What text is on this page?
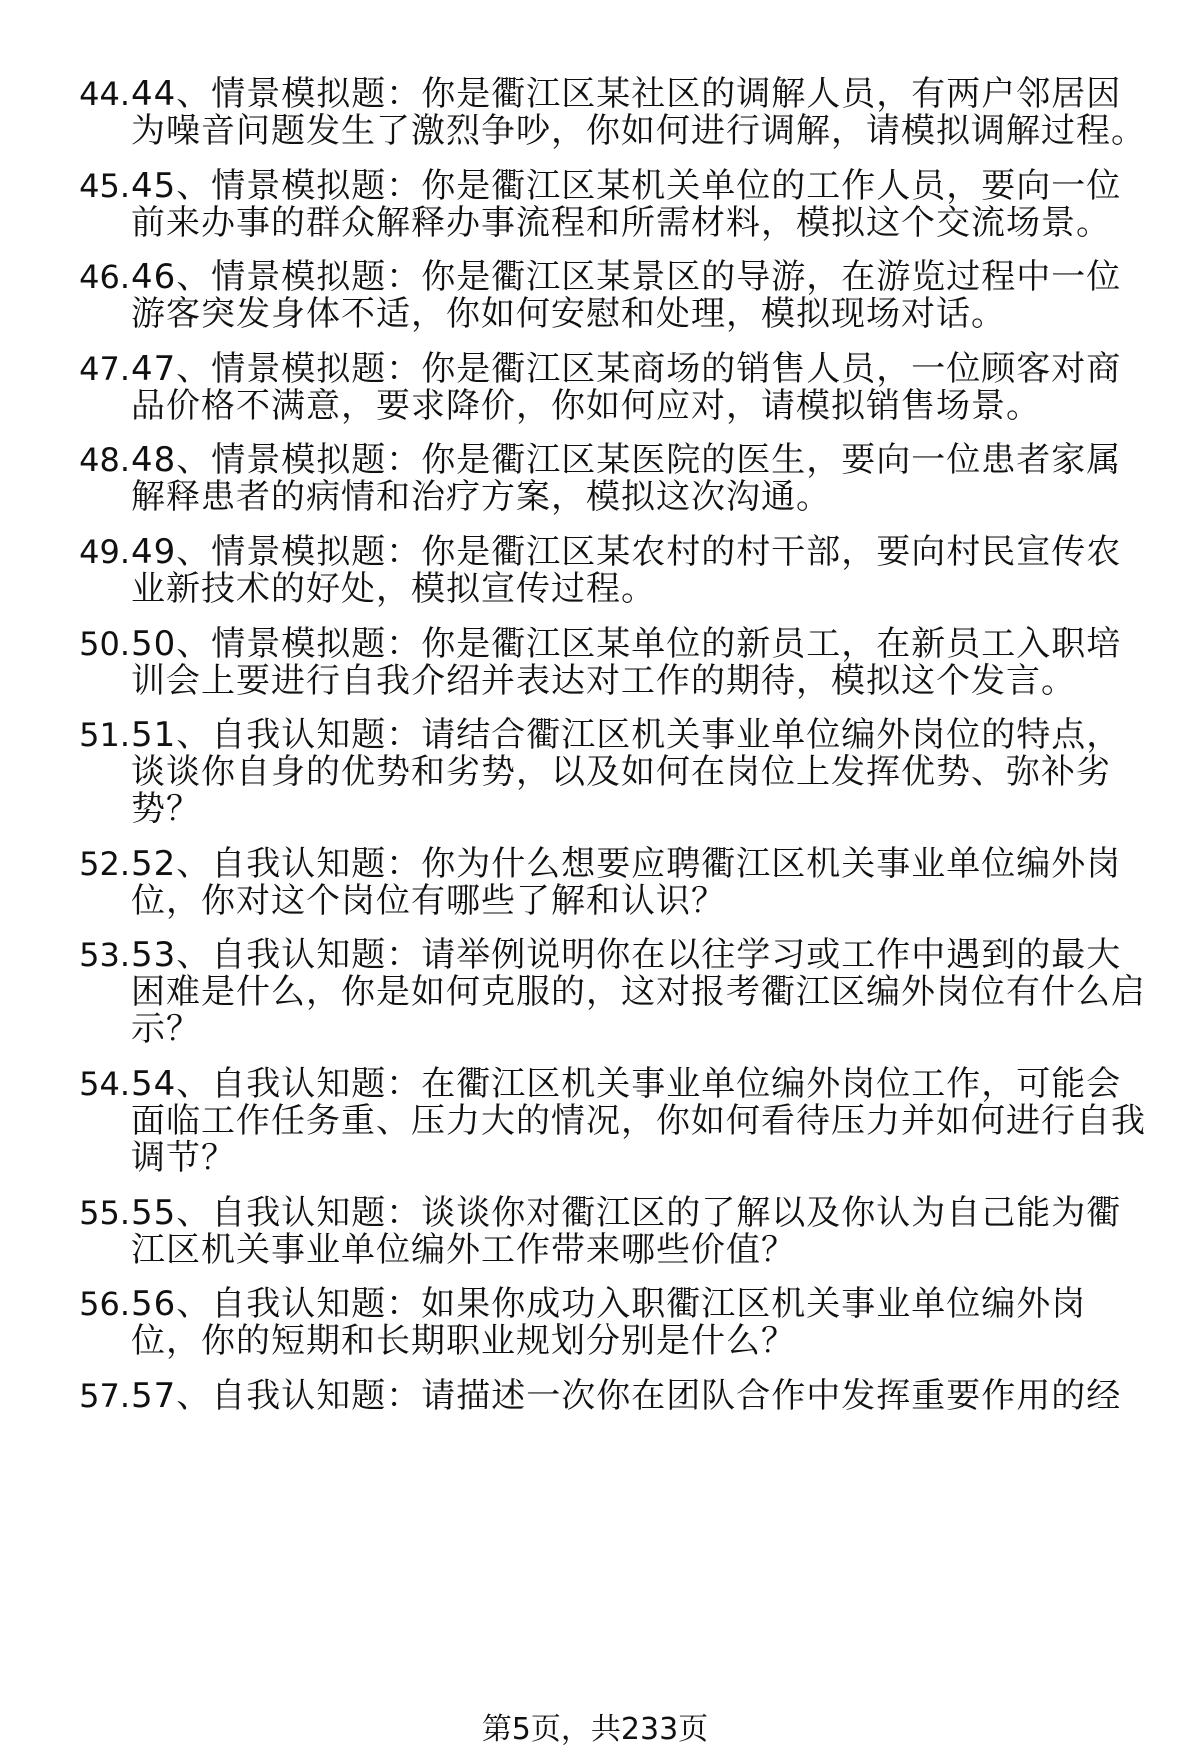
44. 44、情景模拟题：你是衢江区某社区的调解人员，有两户邻居因为噪音问题发生了激烈争吵，你如何进行调解，请模拟调解过程。
45. 45、情景模拟题：你是衢江区某机关单位的工作人员，要向一位前来办事的群众解释办事流程和所需材料，模拟这个交流场景。
46. 46、情景模拟题：你是衢江区某景区的导游，在游览过程中一位游客突发身体不适，你如何安慰和处理，模拟现场对话。
47. 47、情景模拟题：你是衢江区某商场的销售人员，一位顾客对商品价格不满意，要求降价，你如何应对，请模拟销售场景。
48. 48、情景模拟题：你是衢江区某医院的医生，要向一位患者家属解释患者的病情和治疗方案，模拟这次沟通。
49. 49、情景模拟题：你是衢江区某农村的村干部，要向村民宣传农业新技术的好处，模拟宣传过程。
50. 50、情景模拟题：你是衢江区某单位的新员工，在新员工入职培训会上要进行自我介绍并表达对工作的期待，模拟这个发言。
51. 51、自我认知题：请结合衢江区机关事业单位编外岗位的特点，谈谈你自身的优势和劣势，以及如何在岗位上发挥优势、弥补劣势？
52. 52、自我认知题：你为什么想要应聘衢江区机关事业单位编外岗位，你对这个岗位有哪些了解和认识？
53. 53、自我认知题：请举例说明你在以往学习或工作中遇到的最大困难是什么，你是如何克服的，这对报考衢江区编外岗位有什么启示？
54. 54、自我认知题：在衢江区机关事业单位编外岗位工作，可能会面临工作任务重、压力大的情况，你如何看待压力并如何进行自我调节？
55. 55、自我认知题：谈谈你对衢江区的了解以及你认为自己能为衢江区机关事业单位编外工作带来哪些价值？
56. 56、自我认知题：如果你成功入职衢江区机关事业单位编外岗位，你的短期和长期职业规划分别是什么？
57. 57、自我认知题：请描述一次你在团队合作中发挥重要作用的经
第5页，共233页
